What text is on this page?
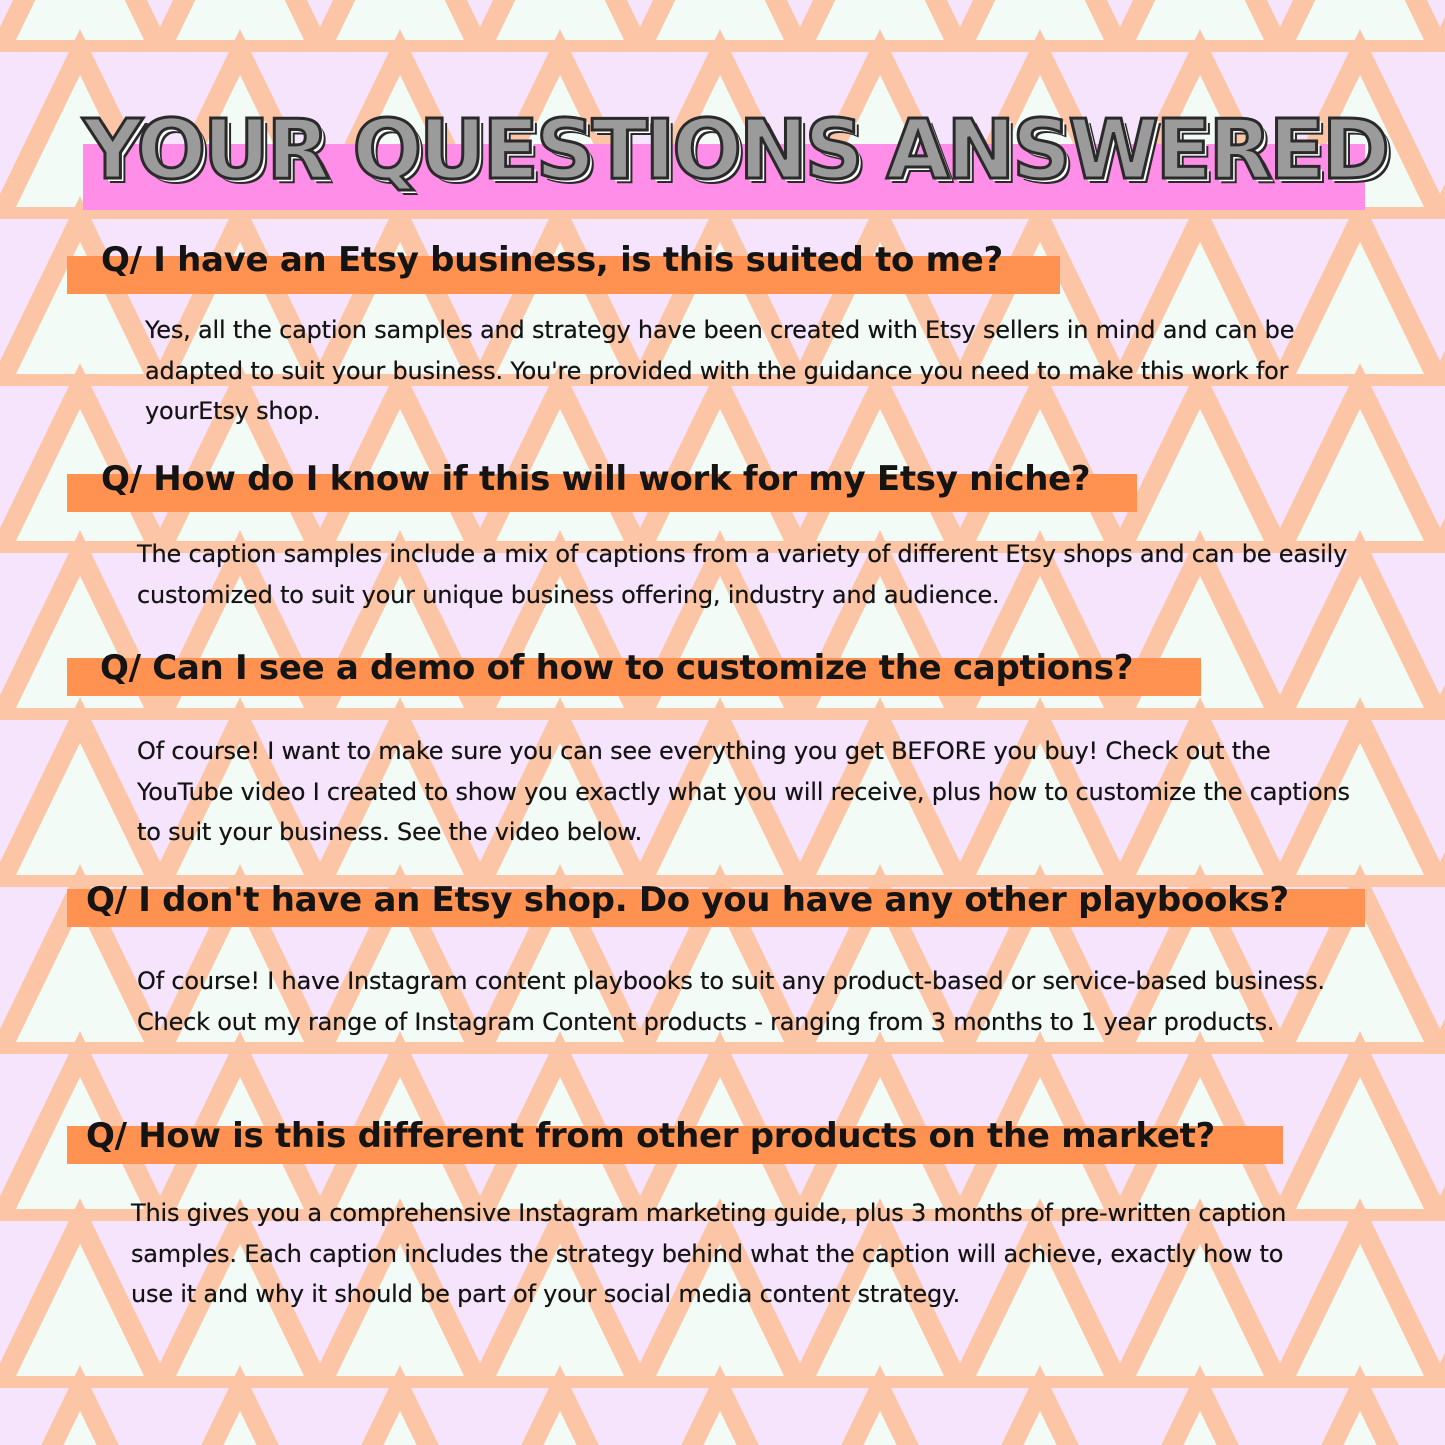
YOUR QUESTIONS ANSWERED
Q/ I have an Etsy business, is this suited to me?
Yes, all the caption samples and strategy have been created with Etsy sellers in mind and can be adapted to suit your business. You're provided with the guidance you need to make this work for yourEtsy shop.
Q/ How do I know if this will work for my Etsy niche?
The caption samples include a mix of captions from a variety of different Etsy shops and can be easily customized to suit your unique business offering, industry and audience.
Q/ Can I see a demo of how to customize the captions?
Of course! I want to make sure you can see everything you get BEFORE you buy! Check out the YouTube video I created to show you exactly what you will receive, plus how to customize the captions to suit your business. See the video below.
Q/ I don't have an Etsy shop. Do you have any other playbooks?
Of course! I have Instagram content playbooks to suit any product-based or service-based business. Check out my range of Instagram Content products - ranging from 3 months to 1 year products.
Q/ How is this different from other products on the market?
This gives you a comprehensive Instagram marketing guide, plus 3 months of pre-written caption samples. Each caption includes the strategy behind what the caption will achieve, exactly how to use it and why it should be part of your social media content strategy.
